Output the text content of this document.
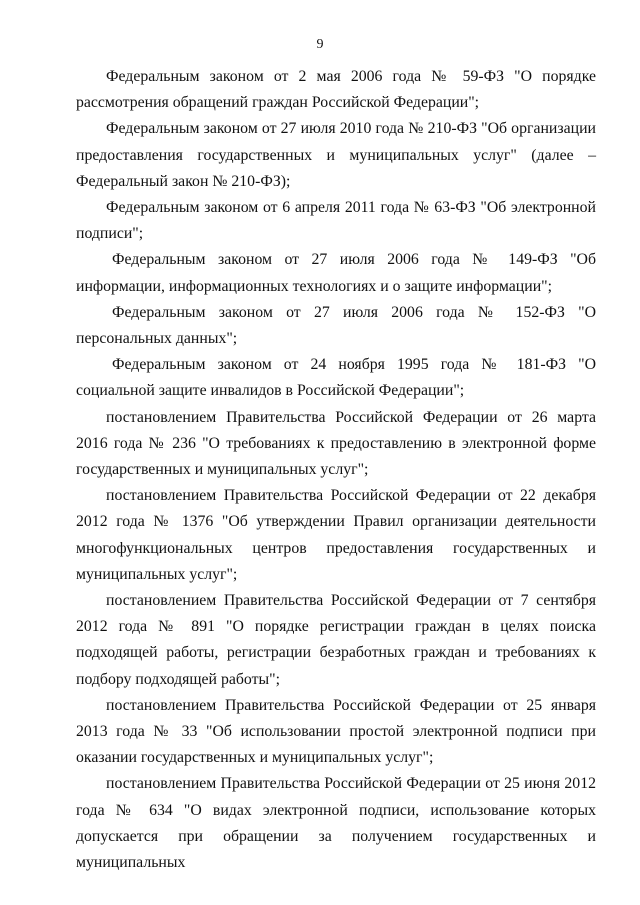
9

Федеральным законом от 2 мая 2006 года № 59-ФЗ "О порядке рассмотрения обращений граждан Российской Федерации";

Федеральным законом от 27 июля 2010 года № 210-ФЗ "Об организации предоставления государственных и муниципальных услуг" (далее – Федеральный закон № 210-ФЗ);

Федеральным законом от 6 апреля 2011 года № 63-ФЗ "Об электронной подписи";

Федеральным законом от 27 июля 2006 года № 149-ФЗ "Об информации, информационных технологиях и о защите информации";

Федеральным законом от 27 июля 2006 года № 152-ФЗ "О персональных данных";

Федеральным законом от 24 ноября 1995 года № 181-ФЗ "О социальной защите инвалидов в Российской Федерации";

постановлением Правительства Российской Федерации от 26 марта 2016 года № 236 "О требованиях к предоставлению в электронной форме государственных и муниципальных услуг";

постановлением Правительства Российской Федерации от 22 декабря 2012 года № 1376 "Об утверждении Правил организации деятельности многофункциональных центров предоставления государственных и муниципальных услуг";

постановлением Правительства Российской Федерации от 7 сентября 2012 года № 891 "О порядке регистрации граждан в целях поиска подходящей работы, регистрации безработных граждан и требованиях к подбору подходящей работы";

постановлением Правительства Российской Федерации от 25 января 2013 года № 33 "Об использовании простой электронной подписи при оказании государственных и муниципальных услуг";

постановлением Правительства Российской Федерации от 25 июня 2012 года № 634 "О видах электронной подписи, использование которых допускается при обращении за получением государственных и муниципальных
